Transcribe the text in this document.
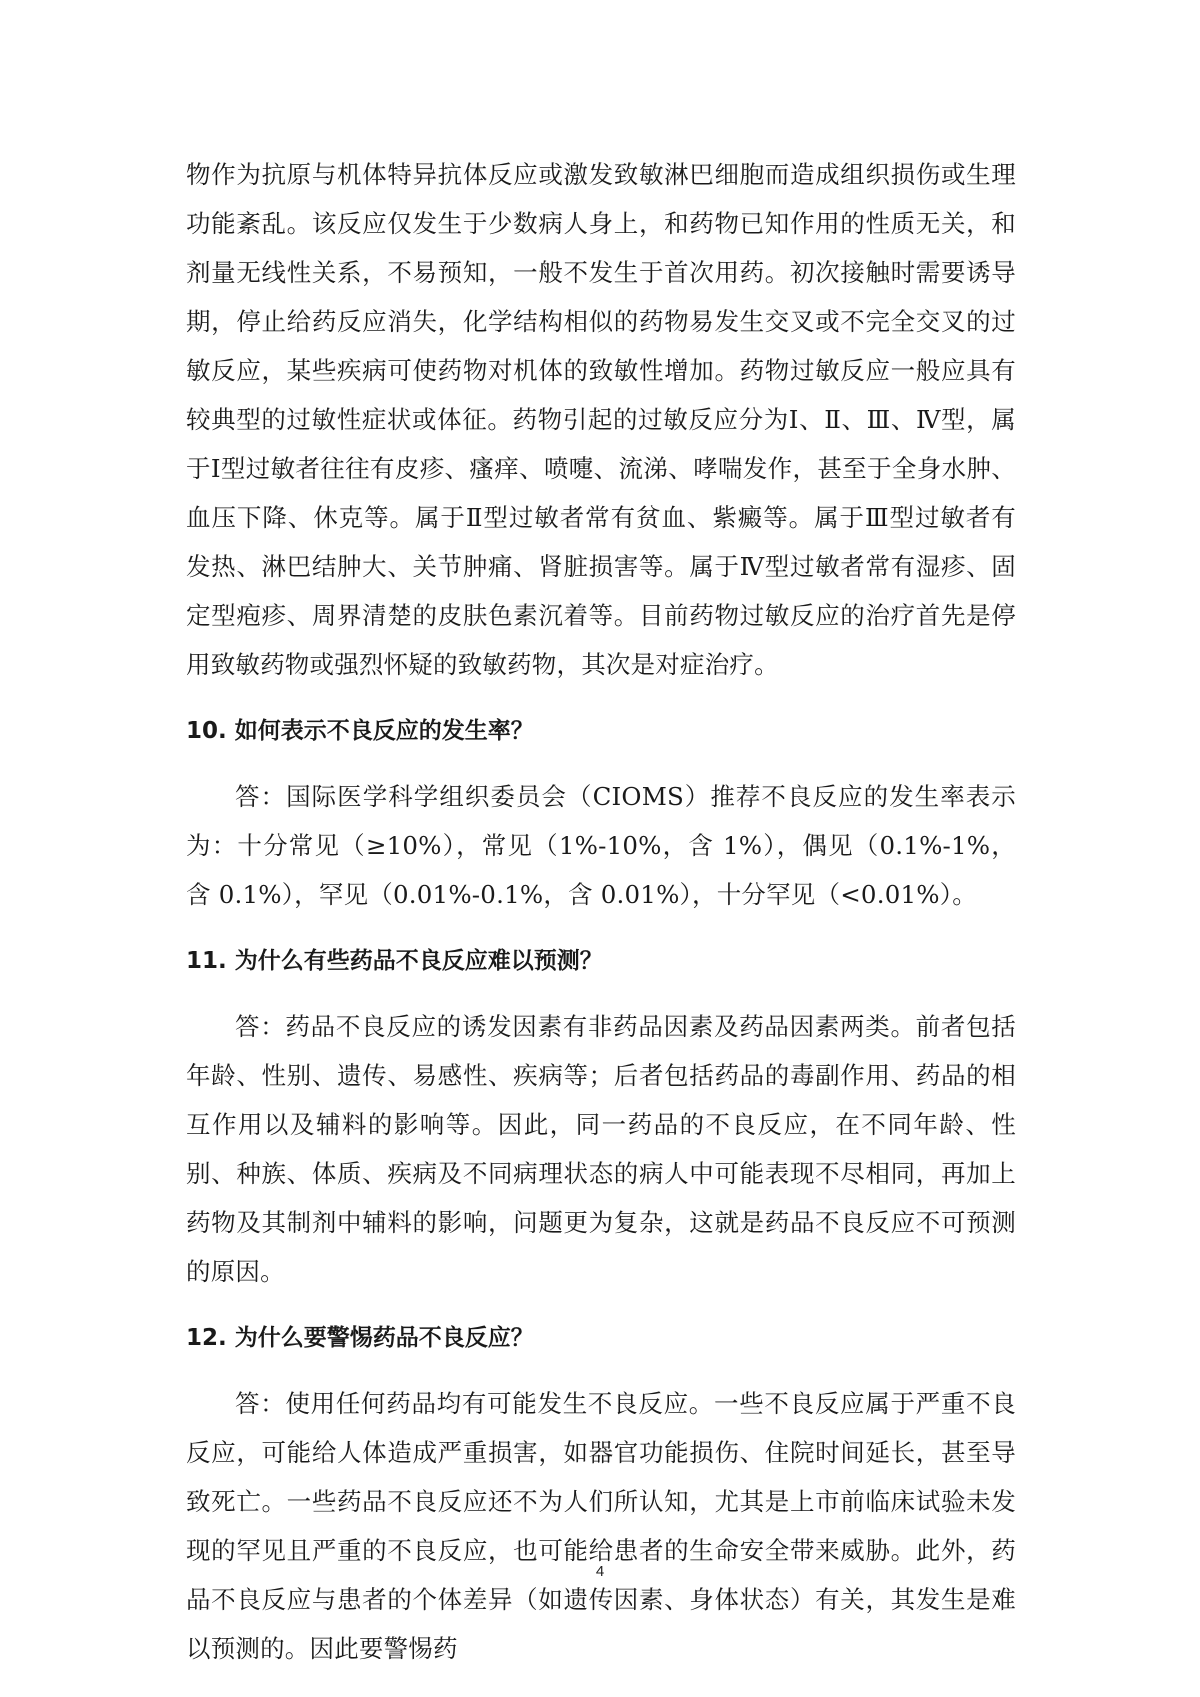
物作为抗原与机体特异抗体反应或激发致敏淋巴细胞而造成组织损伤或生理功能紊乱。该反应仅发生于少数病人身上，和药物已知作用的性质无关，和剂量无线性关系，不易预知，一般不发生于首次用药。初次接触时需要诱导期，停止给药反应消失，化学结构相似的药物易发生交叉或不完全交叉的过敏反应，某些疾病可使药物对机体的致敏性增加。药物过敏反应一般应具有较典型的过敏性症状或体征。药物引起的过敏反应分为Ⅰ、Ⅱ、Ⅲ、Ⅳ型，属于Ⅰ型过敏者往往有皮疹、瘙痒、喷嚏、流涕、哮喘发作，甚至于全身水肿、血压下降、休克等。属于Ⅱ型过敏者常有贫血、紫癜等。属于Ⅲ型过敏者有发热、淋巴结肿大、关节肿痛、肾脏损害等。属于Ⅳ型过敏者常有湿疹、固定型疱疹、周界清楚的皮肤色素沉着等。目前药物过敏反应的治疗首先是停用致敏药物或强烈怀疑的致敏药物，其次是对症治疗。

10. 如何表示不良反应的发生率？

答：国际医学科学组织委员会（CIOMS）推荐不良反应的发生率表示为：十分常见（≥10%），常见（1%-10%，含 1%），偶见（0.1%-1%，含 0.1%），罕见（0.01%-0.1%，含 0.01%），十分罕见（<0.01%）。

11. 为什么有些药品不良反应难以预测？

答：药品不良反应的诱发因素有非药品因素及药品因素两类。前者包括年龄、性别、遗传、易感性、疾病等；后者包括药品的毒副作用、药品的相互作用以及辅料的影响等。因此，同一药品的不良反应，在不同年龄、性别、种族、体质、疾病及不同病理状态的病人中可能表现不尽相同，再加上药物及其制剂中辅料的影响，问题更为复杂，这就是药品不良反应不可预测的原因。

12. 为什么要警惕药品不良反应？

答：使用任何药品均有可能发生不良反应。一些不良反应属于严重不良反应，可能给人体造成严重损害，如器官功能损伤、住院时间延长，甚至导致死亡。一些药品不良反应还不为人们所认知，尤其是上市前临床试验未发现的罕见且严重的不良反应，也可能给患者的生命安全带来威胁。此外，药品不良反应与患者的个体差异（如遗传因素、身体状态）有关，其发生是难以预测的。因此要警惕药

4
